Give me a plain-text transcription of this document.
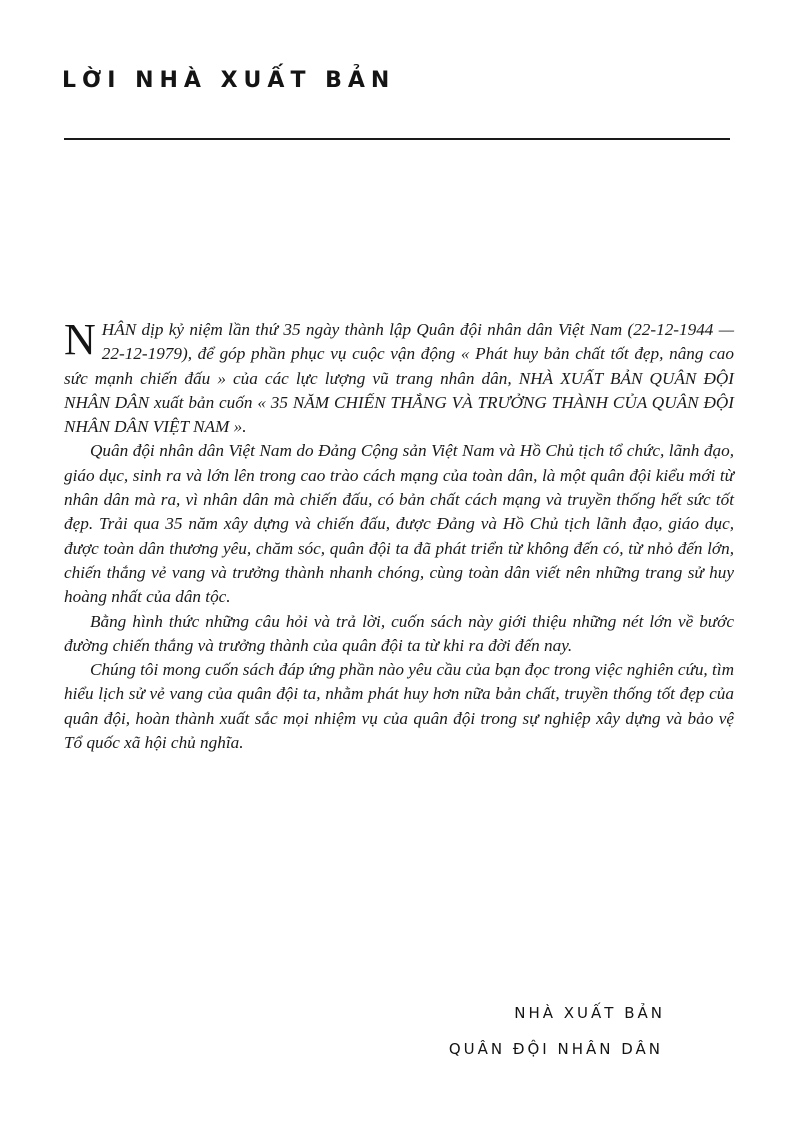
LỜI NHÀ XUẤT BẢN

NHÂN dịp kỷ niệm lần thứ 35 ngày thành lập Quân đội nhân dân Việt Nam (22-12-1944 — 22-12-1979), để góp phần phục vụ cuộc vận động « Phát huy bản chất tốt đẹp, nâng cao sức mạnh chiến đấu » của các lực lượng vũ trang nhân dân, NHÀ XUẤT BẢN QUÂN ĐỘI NHÂN DÂN xuất bản cuốn « 35 NĂM CHIẾN THẮNG VÀ TRƯỞNG THÀNH CỦA QUÂN ĐỘI NHÂN DÂN VIỆT NAM ».

Quân đội nhân dân Việt Nam do Đảng Cộng sản Việt Nam và Hồ Chủ tịch tổ chức, lãnh đạo, giáo dục, sinh ra và lớn lên trong cao trào cách mạng của toàn dân, là một quân đội kiểu mới từ nhân dân mà ra, vì nhân dân mà chiến đấu, có bản chất cách mạng và truyền thống hết sức tốt đẹp. Trải qua 35 năm xây dựng và chiến đấu, được Đảng và Hồ Chủ tịch lãnh đạo, giáo dục, được toàn dân thương yêu, chăm sóc, quân đội ta đã phát triển từ không đến có, từ nhỏ đến lớn, chiến thắng vẻ vang và trưởng thành nhanh chóng, cùng toàn dân viết nên những trang sử huy hoàng nhất của dân tộc.

Bằng hình thức những câu hỏi và trả lời, cuốn sách này giới thiệu những nét lớn về bước đường chiến thắng và trưởng thành của quân đội ta từ khi ra đời đến nay.

Chúng tôi mong cuốn sách đáp ứng phần nào yêu cầu của bạn đọc trong việc nghiên cứu, tìm hiểu lịch sử vẻ vang của quân đội ta, nhằm phát huy hơn nữa bản chất, truyền thống tốt đẹp của quân đội, hoàn thành xuất sắc mọi nhiệm vụ của quân đội trong sự nghiệp xây dựng và bảo vệ Tổ quốc xã hội chủ nghĩa.

NHÀ XUẤT BẢN
QUÂN ĐỘI NHÂN DÂN
